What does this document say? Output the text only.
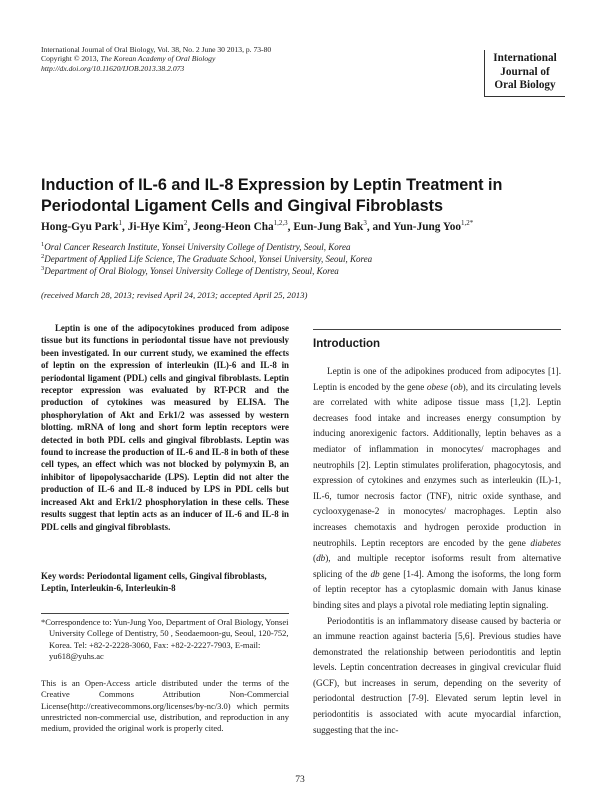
International Journal of Oral Biology, Vol. 38, No. 2 June 30 2013, p. 73-80
Copyright © 2013, The Korean Academy of Oral Biology
http://dx.doi.org/10.11620/IJOB.2013.38.2.073
International
Journal of
Oral Biology
Induction of IL-6 and IL-8 Expression by Leptin Treatment in Periodontal Ligament Cells and Gingival Fibroblasts
Hong-Gyu Park$^1$, Ji-Hye Kim$^2$, Jeong-Heon Cha$^{1,2,3}$, Eun-Jung Bak$^3$, and Yun-Jung Yoo$^{1,2*}$
$^1$Oral Cancer Research Institute, Yonsei University College of Dentistry, Seoul, Korea
$^2$Department of Applied Life Science, The Graduate School, Yonsei University, Seoul, Korea
$^3$Department of Oral Biology, Yonsei University College of Dentistry, Seoul, Korea
(received March 28, 2013; revised April 24, 2013; accepted April 25, 2013)
Leptin is one of the adipocytokines produced from adipose tissue but its functions in periodontal tissue have not previously been investigated. In our current study, we examined the effects of leptin on the expression of interleukin (IL)-6 and IL-8 in periodontal ligament (PDL) cells and gingival fibroblasts. Leptin receptor expression was evaluated by RT-PCR and the production of cytokines was measured by ELISA. The phosphorylation of Akt and Erk1/2 was assessed by western blotting. mRNA of long and short form leptin receptors were detected in both PDL cells and gingival fibroblasts. Leptin was found to increase the production of IL-6 and IL-8 in both of these cell types, an effect which was not blocked by polymyxin B, an inhibitor of lipopolysaccharide (LPS). Leptin did not alter the production of IL-6 and IL-8 induced by LPS in PDL cells but increased Akt and Erk1/2 phosphorylation in these cells. These results suggest that leptin acts as an inducer of IL-6 and IL-8 in PDL cells and gingival fibroblasts.
Key words: Periodontal ligament cells, Gingival fibroblasts, Leptin, Interleukin-6, Interleukin-8
*Correspondence to: Yun-Jung Yoo, Department of Oral Biology, Yonsei University College of Dentistry, 50 , Seodaemoon-gu, Seoul, 120-752, Korea. Tel: +82-2-2228-3060, Fax: +82-2-2227-7903, E-mail: yu618@yuhs.ac
This is an Open-Access article distributed under the terms of the Creative Commons Attribution Non-Commercial License(http://creativecommons.org/licenses/by-nc/3.0) which permits unrestricted non-commercial use, distribution, and reproduction in any medium, provided the original work is properly cited.
Introduction

Leptin is one of the adipokines produced from adipocytes [1]. Leptin is encoded by the gene obese (ob), and its circulating levels are correlated with white adipose tissue mass [1,2]. Leptin decreases food intake and increases energy consumption by inducing anorexigenic factors. Additionally, leptin behaves as a mediator of inflammation in monocytes/ macrophages and neutrophils [2]. Leptin stimulates proliferation, phagocytosis, and expression of cytokines and enzymes such as interleukin (IL)-1, IL-6, tumor necrosis factor (TNF), nitric oxide synthase, and cyclooxygenase-2 in monocytes/ macrophages. Leptin also increases chemotaxis and hydrogen peroxide production in neutrophils. Leptin receptors are encoded by the gene diabetes (db), and multiple receptor isoforms result from alternative splicing of the db gene [1-4]. Among the isoforms, the long form of leptin receptor has a cytoplasmic domain with Janus kinase binding sites and plays a pivotal role mediating leptin signaling.

Periodontitis is an inflammatory disease caused by bacteria or an immune reaction against bacteria [5,6]. Previous studies have demonstrated the relationship between periodontitis and leptin levels. Leptin concentration decreases in gingival crevicular fluid (GCF), but increases in serum, depending on the severity of periodontal destruction [7-9]. Elevated serum leptin level in periodontitis is associated with acute myocardial infarction, suggesting that the inc-

73
